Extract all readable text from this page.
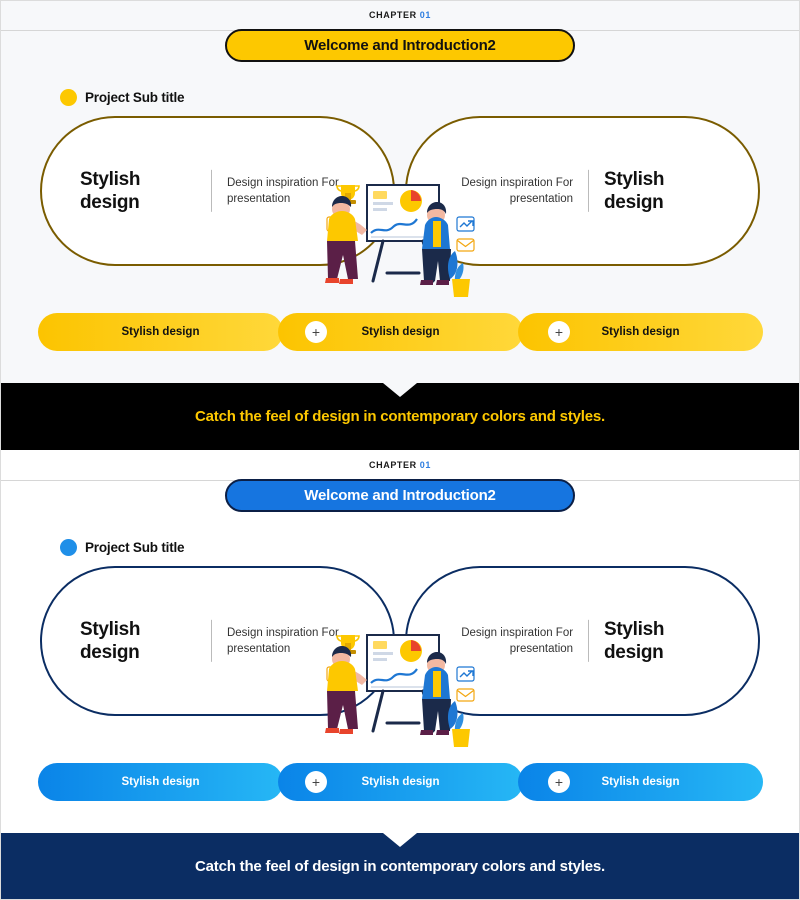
CHAPTER 01
Welcome and Introduction2
Project Sub title
Stylish design
Design inspiration For presentation
Design inspiration For presentation
Stylish design
Stylish design	Stylish design	Stylish design
+	+
Catch the feel of design in contemporary colors and styles.
CHAPTER 01
Welcome and Introduction2
Project Sub title
Stylish design
Design inspiration For presentation
Design inspiration For presentation
Stylish design
Stylish design	Stylish design	Stylish design
+	+
Catch the feel of design in contemporary colors and styles.
